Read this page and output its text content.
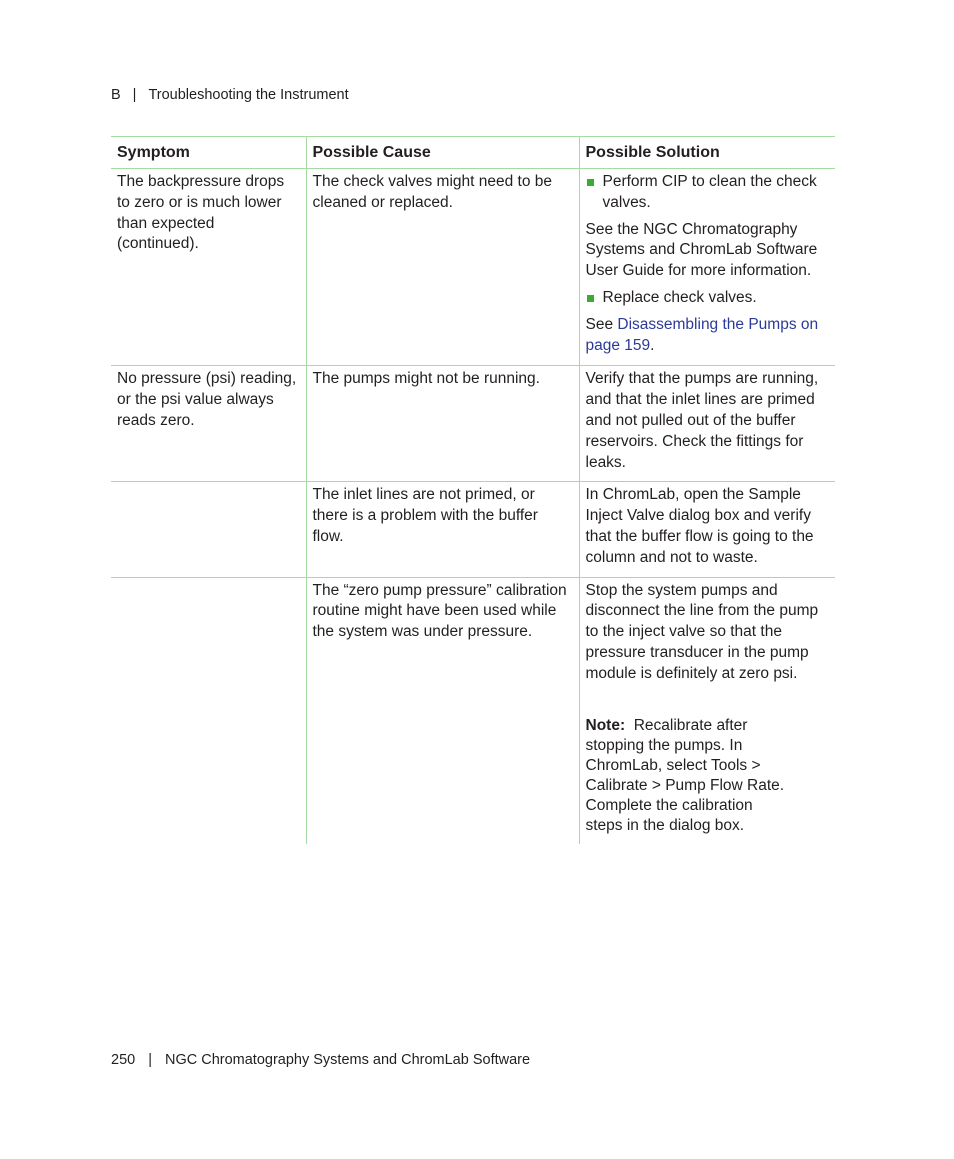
B | Troubleshooting the Instrument
Symptom	Possible Cause	Possible Solution

The backpressure drops to zero or is much lower than expected (continued).	The check valves might need to be cleaned or replaced.	Perform CIP to clean the check valves.

See the NGC Chromatography Systems and ChromLab Software User Guide for more information.

Replace check valves.

See Disassembling the Pumps on page 159.

No pressure (psi) reading, or the psi value always reads zero.	The pumps might not be running.	Verify that the pumps are running, and that the inlet lines are primed and not pulled out of the buffer reservoirs. Check the fittings for leaks.

	The inlet lines are not primed, or there is a problem with the buffer flow.	In ChromLab, open the Sample Inject Valve dialog box and verify that the buffer flow is going to the column and not to waste.

	The “zero pump pressure” calibration routine might have been used while the system was under pressure.	Stop the system pumps and disconnect the line from the pump to the inject valve so that the pressure transducer in the pump module is definitely at zero psi.

Note: Recalibrate after stopping the pumps. In ChromLab, select Tools > Calibrate > Pump Flow Rate. Complete the calibration steps in the dialog box.

250 | NGC Chromatography Systems and ChromLab Software
